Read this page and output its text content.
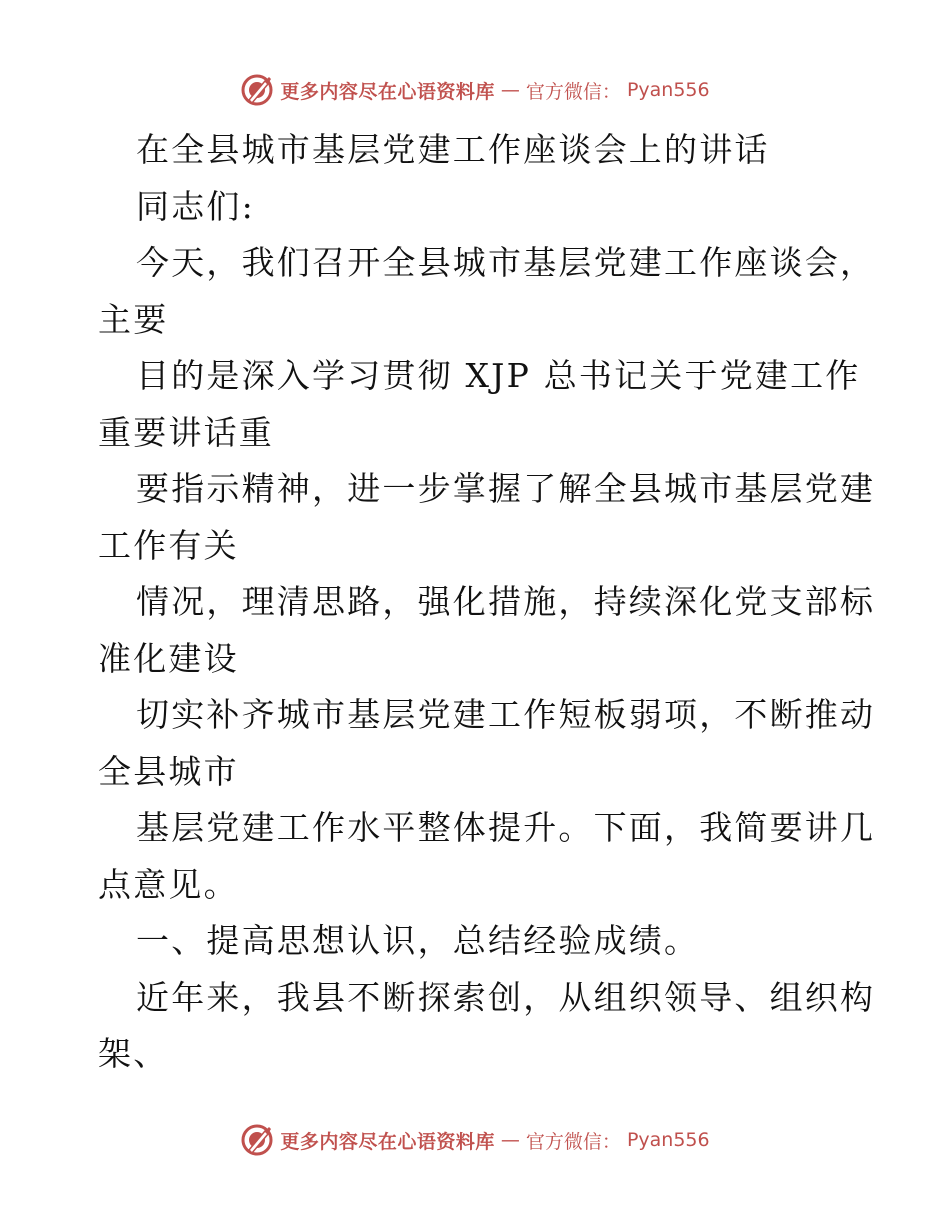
更多内容尽在心语资料库 — 官方微信： Pyan556
在全县城市基层党建工作座谈会上的讲话
同志们:
今天，我们召开全县城市基层党建工作座谈会，
主要
目的是深入学习贯彻 XJP 总书记关于党建工作
重要讲话重
要指示精神，进一步掌握了解全县城市基层党建
工作有关
情况，理清思路，强化措施，持续深化党支部标
准化建设
切实补齐城市基层党建工作短板弱项，不断推动
全县城市
基层党建工作水平整体提升。下面，我简要讲几
点意见。
一、提高思想认识，总结经验成绩。
近年来，我县不断探索创，从组织领导、组织构
架、
更多内容尽在心语资料库 — 官方微信： Pyan556
